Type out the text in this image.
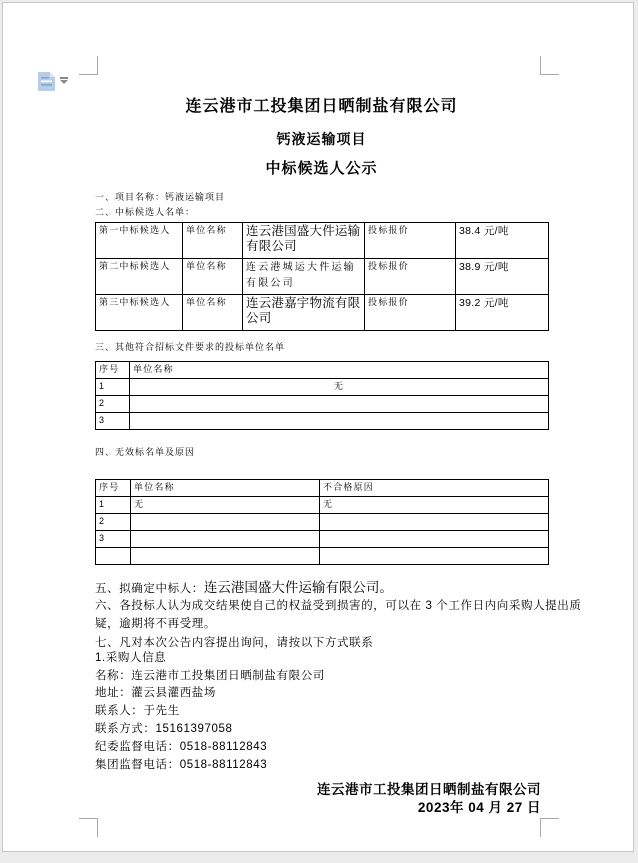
连云港市工投集团日晒制盐有限公司
钙液运输项目
中标候选人公示
一、项目名称：钙液运输项目
二、中标候选人名单：
第一中标候选人	单位名称	连云港国盛大件运输有限公司	投标报价	38.4 元/吨
第二中标候选人	单位名称	连云港城运大件运输有限公司	投标报价	38.9 元/吨
第三中标候选人	单位名称	连云港嘉宇物流有限公司	投标报价	39.2 元/吨
三、其他符合招标文件要求的投标单位名单
序号	单位名称
1	无
2	
3	
四、无效标名单及原因
序号	单位名称	不合格原因
1	无	无
2		
3		

五、拟确定中标人：连云港国盛大件运输有限公司。
六、各投标人认为成交结果使自己的权益受到损害的，可以在 3 个工作日内向采购人提出质
疑，逾期将不再受理。
七、凡对本次公告内容提出询问，请按以下方式联系
1.采购人信息
名称：连云港市工投集团日晒制盐有限公司
地址：灌云县灌西盐场
联系人：于先生
联系方式：15161397058
纪委监督电话：0518-88112843
集团监督电话：0518-88112843
连云港市工投集团日晒制盐有限公司
2023年 04 月 27 日
